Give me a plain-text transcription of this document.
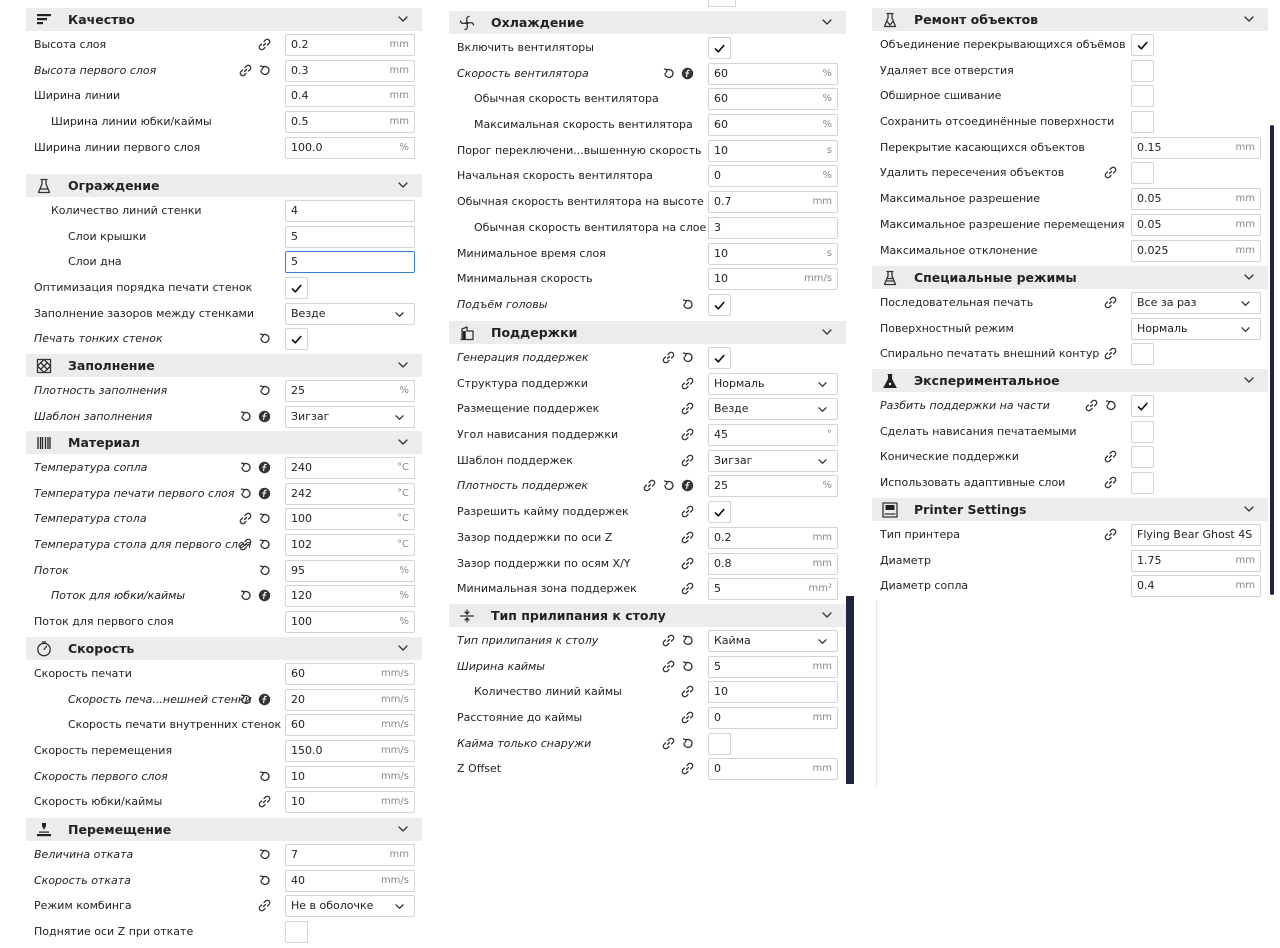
Качество
Высота слоя	0.2	mm
Высота первого слоя	0.3	mm
Ширина линии	0.4	mm
Ширина линии юбки/каймы	0.5	mm
Ширина линии первого слоя	100.0	%
Ограждение
Количество линий стенки	4
Слои крышки	5
Слои дна	5
Оптимизация порядка печати стенок
Заполнение зазоров между стенками	Везде
Печать тонких стенок
Заполнение
Плотность заполнения	25	%
Шаблон заполнения	Зигзаг
Материал
Температура сопла	240	°C
Температура печати первого слоя	242	°C
Температура стола	100	°C
Температура стола для первого слоя	102	°C
Поток	95	%
Поток для юбки/каймы	120	%
Поток для первого слоя	100	%
Скорость
Скорость печати	60	mm/s
Скорость печа...нешней стенки	20	mm/s
Скорость печати внутренних стенок 60	mm/s
Скорость перемещения	150.0	mm/s
Скорость первого слоя	10	mm/s
Скорость юбки/каймы	10	mm/s
Перемещение
Величина отката	7	mm
Скорость отката	40	mm/s
Режим комбинга	Не в оболочке
Поднятие оси Z при откате
Охлаждение
Включить вентиляторы
Скорость вентилятора	60	%
Обычная скорость вентилятора	60	%
Максимальная скорость вентилятора 60	%
Порог переключени...вышенную скорость 10	s
Начальная скорость вентилятора	0	%
Обычная скорость вентилятора на высоте 0.7	mm
Обычная скорость вентилятора на слое 3
Минимальное время слоя	10	s
Минимальная скорость	10	mm/s
Подъём головы
Поддержки
Генерация поддержек
Структура поддержки	Нормаль
Размещение поддержек	Везде
Угол нависания поддержки	45	°
Шаблон поддержек	Зигзаг
Плотность поддержек	25	%
Разрешить кайму поддержек
Зазор поддержки по оси Z	0.2	mm
Зазор поддержки по осям X/Y	0.8	mm
Минимальная зона поддержек	5	mm²
Тип прилипания к столу
Тип прилипания к столу	Кайма
Ширина каймы	5	mm
Количество линий каймы	10
Расстояние до каймы	0	mm
Кайма только снаружи
Z Offset	0	mm
Ремонт объектов
Объединение перекрывающихся объёмов
Удаляет все отверстия
Обширное сшивание
Сохранить отсоединённые поверхности
Перекрытие касающихся объектов	0.15	mm
Удалить пересечения объектов
Максимальное разрешение	0.05	mm
Максимальное разрешение перемещения 0.05	mm
Максимальное отклонение	0.025	mm
Специальные режимы
Последовательная печать	Все за раз
Поверхностный режим	Нормаль
Спирально печатать внешний контур
Экспериментальное
Разбить поддержки на части
Сделать нависания печатаемыми
Конические поддержки
Использовать адаптивные слои
Printer Settings
Тип принтера	Flying Bear Ghost 4S
Диаметр	1.75	mm
Диаметр сопла	0.4	mm
